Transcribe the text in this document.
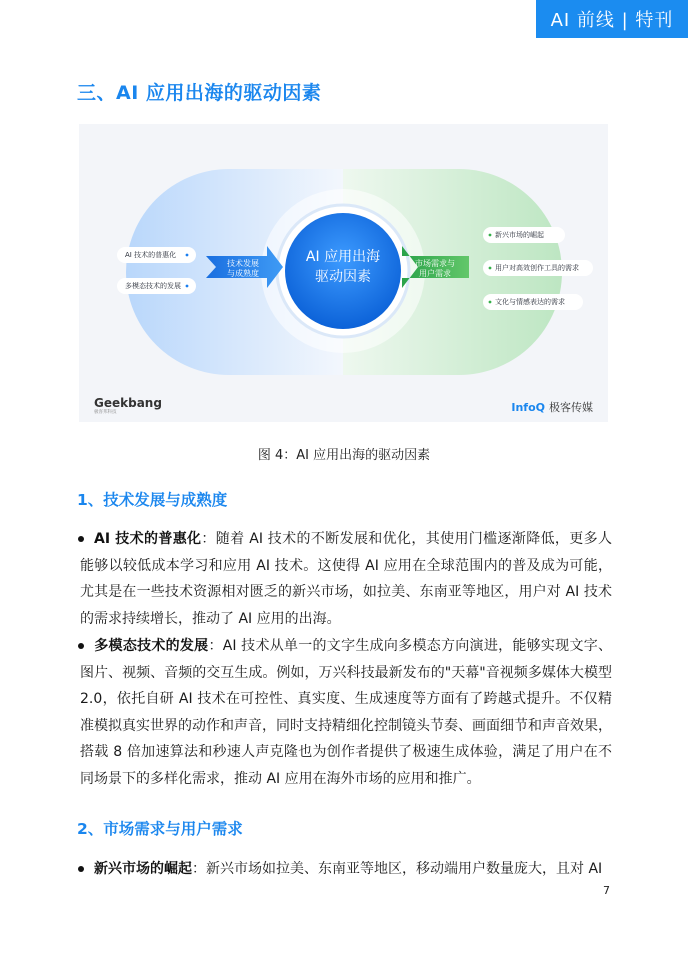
AI 前线 | 特刊
三、AI 应用出海的驱动因素
AI 应用出海
驱动因素
技术发展
与成熟度
市场需求与
用户需求
AI 技术的普惠化
多模态技术的发展
新兴市场的崛起
用户对高效创作工具的需求
文化与情感表达的需求
Geekbang
极客邦科技	InfoQ 极客传媒
图 4：AI 应用出海的驱动因素
1、技术发展与成熟度
AI 技术的普惠化：随着 AI 技术的不断发展和优化，其使用门槛逐渐降低，更多人能够以较低成本学习和应用 AI 技术。这使得 AI 应用在全球范围内的普及成为可能，尤其是在一些技术资源相对匮乏的新兴市场，如拉美、东南亚等地区，用户对 AI 技术的需求持续增长，推动了 AI 应用的出海。
多模态技术的发展：AI 技术从单一的文字生成向多模态方向演进，能够实现文字、图片、视频、音频的交互生成。例如，万兴科技最新发布的"天幕"音视频多媒体大模型 2.0，依托自研 AI 技术在可控性、真实度、生成速度等方面有了跨越式提升。不仅精准模拟真实世界的动作和声音，同时支持精细化控制镜头节奏、画面细节和声音效果，搭载 8 倍加速算法和秒速人声克隆也为创作者提供了极速生成体验，满足了用户在不同场景下的多样化需求，推动 AI 应用在海外市场的应用和推广。
2、市场需求与用户需求
新兴市场的崛起：新兴市场如拉美、东南亚等地区，移动端用户数量庞大，且对 AI
7
